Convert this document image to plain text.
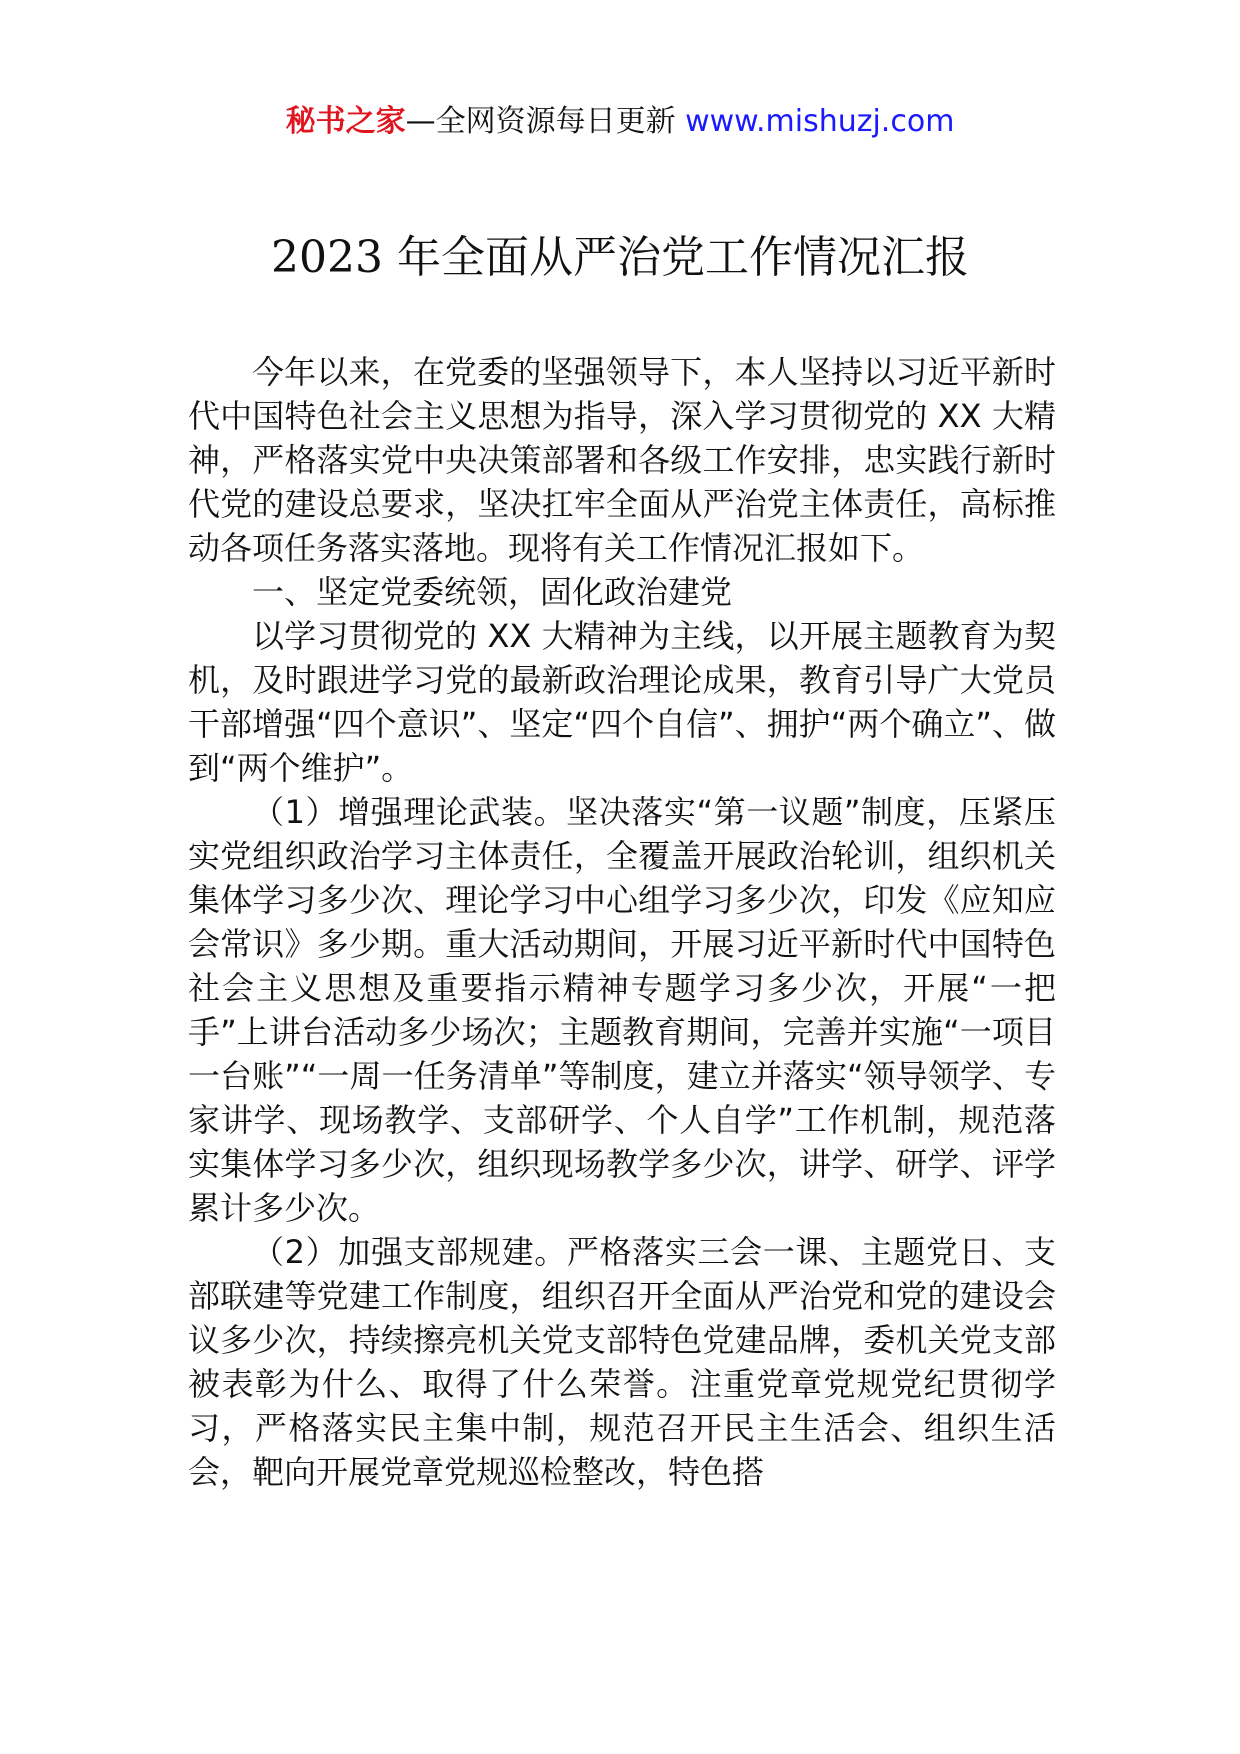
秘书之家—全网资源每日更新 www.mishuzj.com
2023 年全面从严治党工作情况汇报

今年以来，在党委的坚强领导下，本人坚持以习近平新时代中国特色社会主义思想为指导，深入学习贯彻党的 XX 大精神，严格落实党中央决策部署和各级工作安排，忠实践行新时代党的建设总要求，坚决扛牢全面从严治党主体责任，高标推动各项任务落实落地。现将有关工作情况汇报如下。

一、坚定党委统领，固化政治建党

以学习贯彻党的 XX 大精神为主线，以开展主题教育为契机，及时跟进学习党的最新政治理论成果，教育引导广大党员干部增强“四个意识”、坚定“四个自信”、拥护“两个确立”、做到“两个维护”。

（1）增强理论武装。坚决落实“第一议题”制度，压紧压实党组织政治学习主体责任，全覆盖开展政治轮训，组织机关集体学习多少次、理论学习中心组学习多少次，印发《应知应会常识》多少期。重大活动期间，开展习近平新时代中国特色社会主义思想及重要指示精神专题学习多少次，开展“一把手”上讲台活动多少场次；主题教育期间，完善并实施“一项目一台账”“一周一任务清单”等制度，建立并落实“领导领学、专家讲学、现场教学、支部研学、个人自学”工作机制，规范落实集体学习多少次，组织现场教学多少次，讲学、研学、评学累计多少次。

（2）加强支部规建。严格落实三会一课、主题党日、支部联建等党建工作制度，组织召开全面从严治党和党的建设会议多少次，持续擦亮机关党支部特色党建品牌，委机关党支部被表彰为什么、取得了什么荣誉。注重党章党规党纪贯彻学习，严格落实民主集中制，规范召开民主生活会、组织生活会，靶向开展党章党规巡检整改，特色搭
